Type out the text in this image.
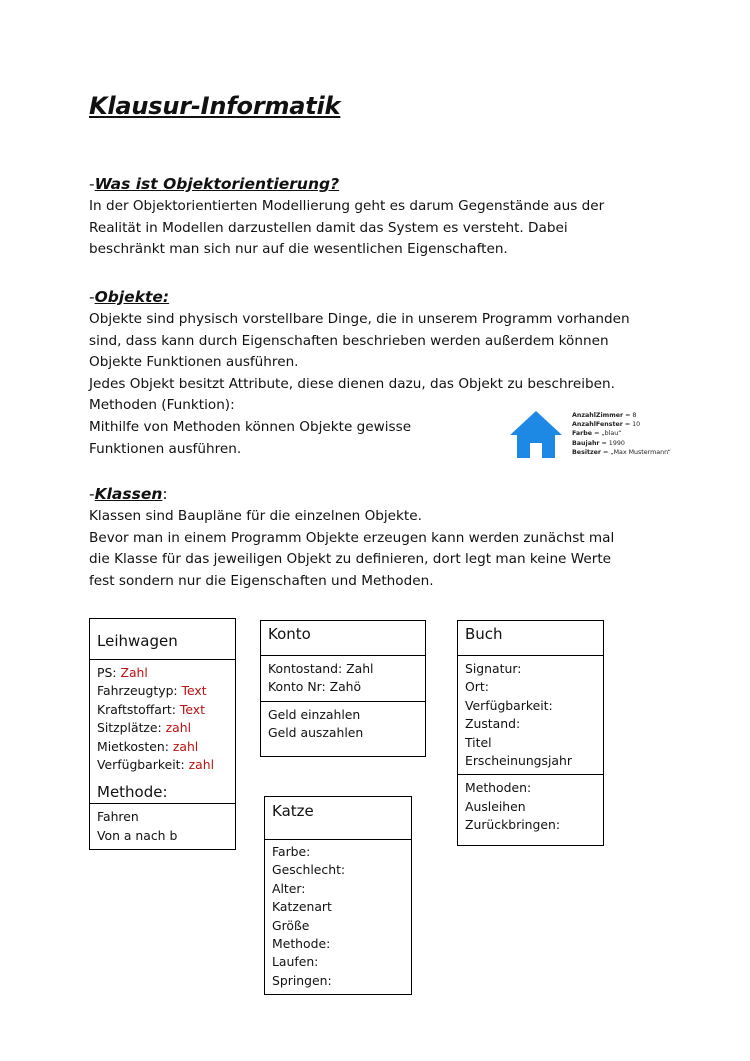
Klausur-Informatik
-Was ist Objektorientierung?

In der Objektorientierten Modellierung geht es darum Gegenstände aus der

Realität in Modellen darzustellen damit das System es versteht. Dabei

beschränkt man sich nur auf die wesentlichen Eigenschaften.

-Objekte:

Objekte sind physisch vorstellbare Dinge, die in unserem Programm vorhanden

sind, dass kann durch Eigenschaften beschrieben werden außerdem können

Objekte Funktionen ausführen.

Jedes Objekt besitzt Attribute, diese dienen dazu, das Objekt zu beschreiben.

Methoden (Funktion):

Mithilfe von Methoden können Objekte gewisse

Funktionen ausführen.

AnzahlZimmer = 8
AnzahlFenster = 10
Farbe = „blau“
Baujahr = 1990
Besitzer = „Max Mustermann“
-Klassen:

Klassen sind Baupläne für die einzelnen Objekte.

Bevor man in einem Programm Objekte erzeugen kann werden zunächst mal

die Klasse für das jeweiligen Objekt zu definieren, dort legt man keine Werte

fest sondern nur die Eigenschaften und Methoden.

Leihwagen
PS: Zahl
Fahrzeugtyp: Text
Kraftstoffart: Text
Sitzplätze: zahl
Mietkosten: zahl
Verfügbarkeit: zahl
Methode:
Fahren
Von a nach b
Konto
Kontostand: Zahl
Konto Nr: Zahö
Geld einzahlen
Geld auszahlen
Buch
Signatur:
Ort:
Verfügbarkeit:
Zustand:
Titel
Erscheinungsjahr
Methoden:
Ausleihen
Zurückbringen:
Katze
Farbe:
Geschlecht:
Alter:
Katzenart
Größe
Methode:
Laufen:
Springen:
